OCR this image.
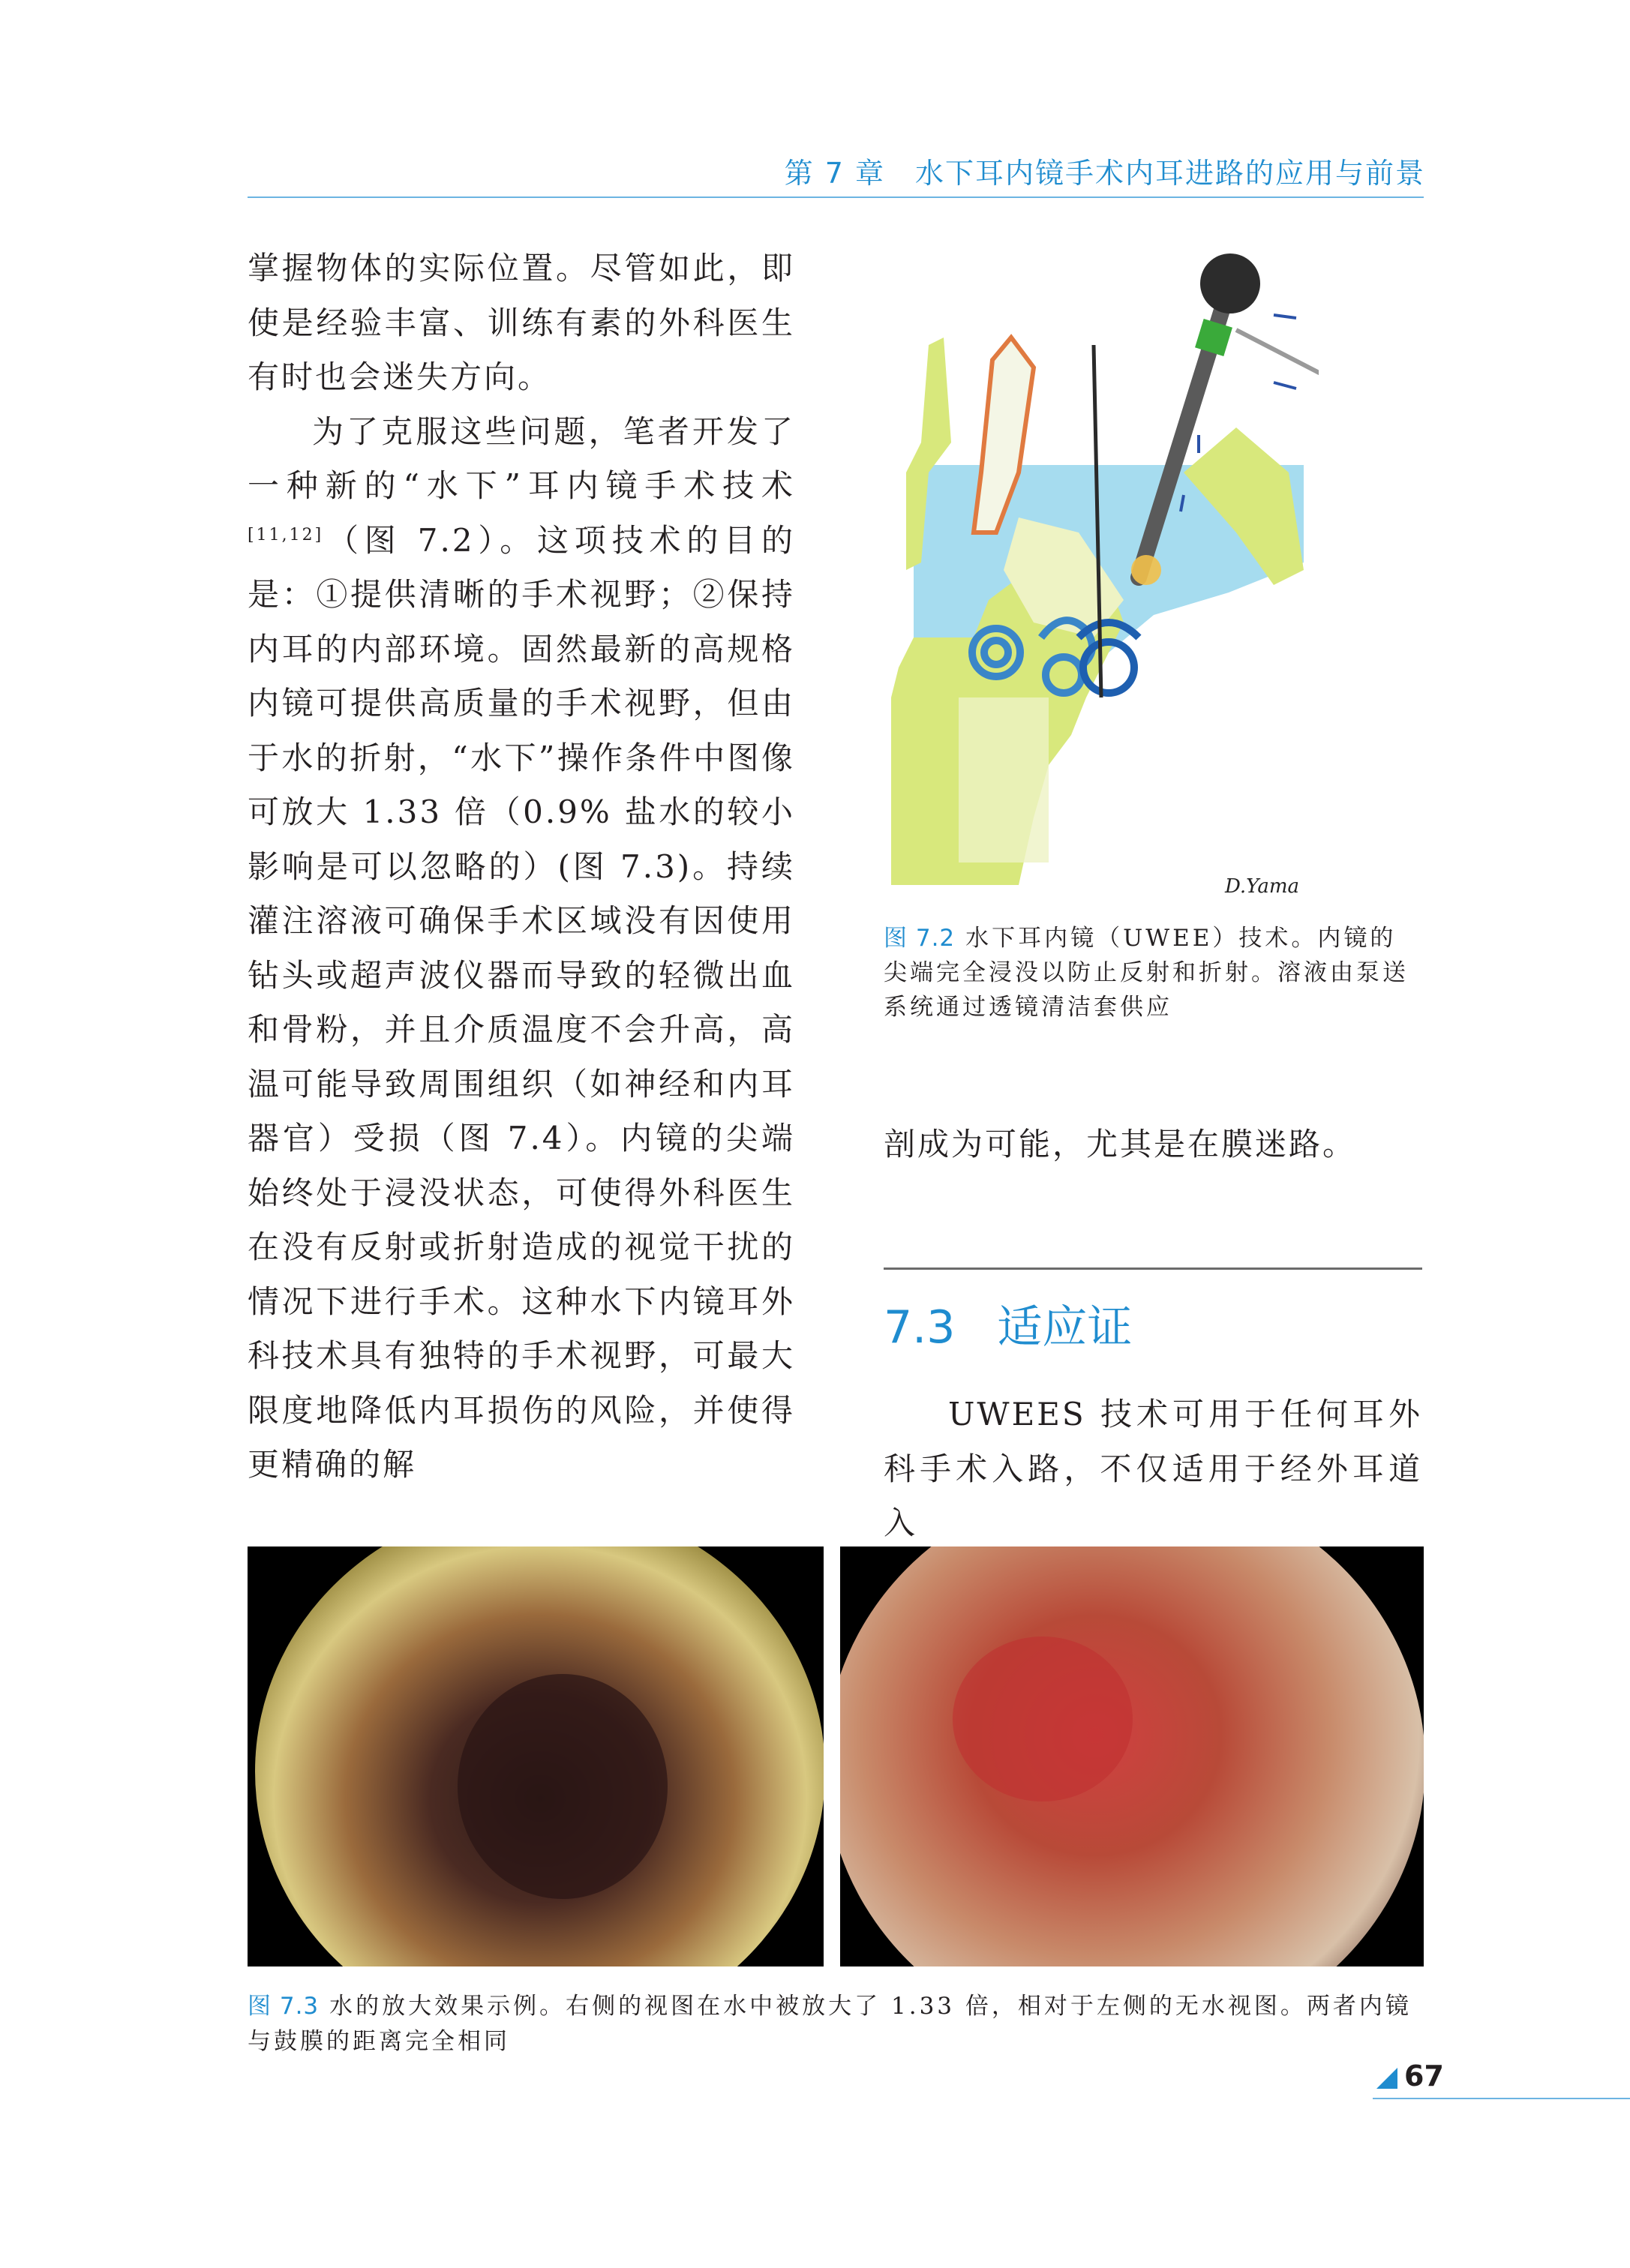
第 7 章 水下耳内镜手术内耳进路的应用与前景

掌握物体的实际位置。尽管如此，即使是经验丰富、训练有素的外科医生有时也会迷失方向。

为了克服这些问题，笔者开发了一种新的“水下”耳内镜手术技术[11,12]（图 7.2）。这项技术的目的是：①提供清晰的手术视野；②保持内耳的内部环境。固然最新的高规格内镜可提供高质量的手术视野，但由于水的折射，“水下”操作条件中图像可放大 1.33 倍（0.9% 盐水的较小影响是可以忽略的）(图 7.3)。持续灌注溶液可确保手术区域没有因使用钻头或超声波仪器而导致的轻微出血和骨粉，并且介质温度不会升高，高温可能导致周围组织（如神经和内耳器官）受损（图 7.4）。内镜的尖端始终处于浸没状态，可使得外科医生在没有反射或折射造成的视觉干扰的情况下进行手术。这种水下内镜耳外科技术具有独特的手术视野，可最大限度地降低内耳损伤的风险，并使得更精确的解

D.Yama
图 7.2 水下耳内镜（UWEE）技术。内镜的尖端完全浸没以防止反射和折射。溶液由泵送系统通过透镜清洁套供应

剖成为可能，尤其是在膜迷路。

7.3 适应证

UWEES 技术可用于任何耳外科手术入路，不仅适用于经外耳道入

图 7.3 水的放大效果示例。右侧的视图在水中被放大了 1.33 倍，相对于左侧的无水视图。两者内镜与鼓膜的距离完全相同
67
